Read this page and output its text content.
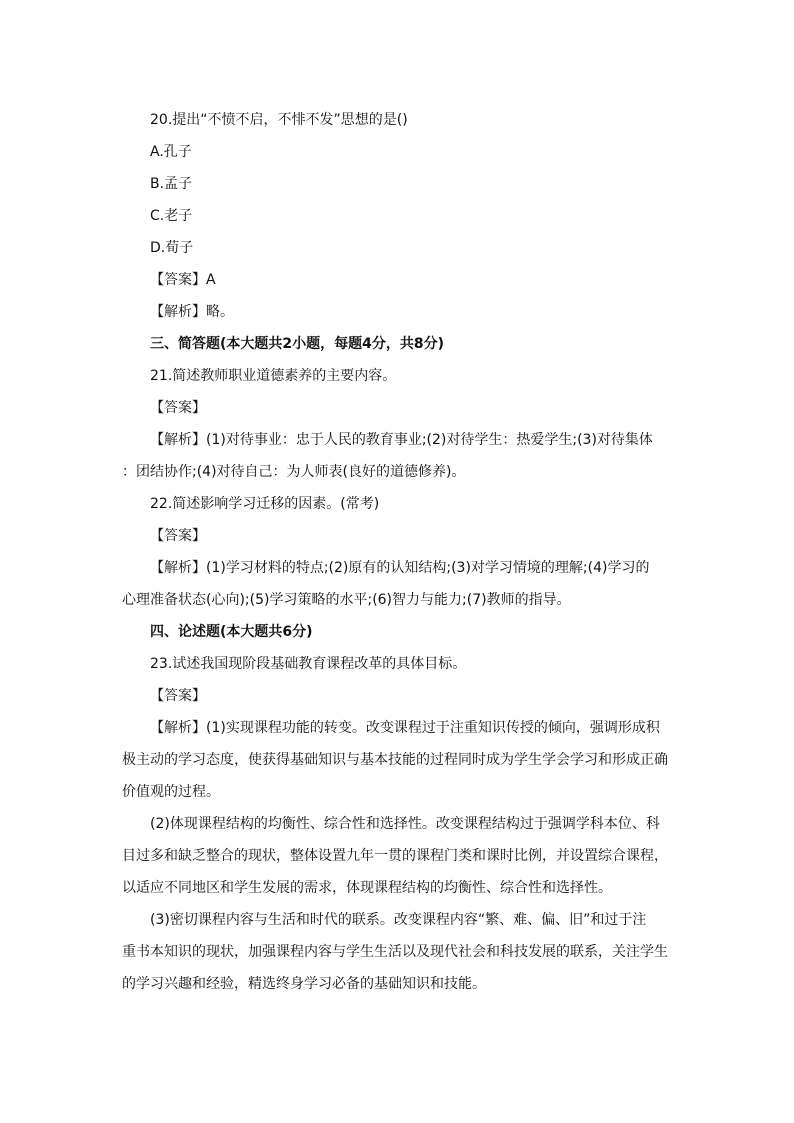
20.提出“不愤不启，不悱不发”思想的是()
A.孔子
B.孟子
C.老子
D.荀子
【答案】A
【解析】略。
三、简答题(本大题共2小题，每题4分，共8分)
21.简述教师职业道德素养的主要内容。
【答案】
【解析】(1)对待事业：忠于人民的教育事业;(2)对待学生：热爱学生;(3)对待集体
：团结协作;(4)对待自己：为人师表(良好的道德修养)。
22.简述影响学习迁移的因素。(常考)
【答案】
【解析】(1)学习材料的特点;(2)原有的认知结构;(3)对学习情境的理解;(4)学习的
心理准备状态(心向);(5)学习策略的水平;(6)智力与能力;(7)教师的指导。
四、论述题(本大题共6分)
23.试述我国现阶段基础教育课程改革的具体目标。
【答案】
【解析】(1)实现课程功能的转变。改变课程过于注重知识传授的倾向，强调形成积
极主动的学习态度，使获得基础知识与基本技能的过程同时成为学生学会学习和形成正确
价值观的过程。
(2)体现课程结构的均衡性、综合性和选择性。改变课程结构过于强调学科本位、科
目过多和缺乏整合的现状，整体设置九年一贯的课程门类和课时比例，并设置综合课程，
以适应不同地区和学生发展的需求，体现课程结构的均衡性、综合性和选择性。
(3)密切课程内容与生活和时代的联系。改变课程内容“繁、难、偏、旧”和过于注
重书本知识的现状，加强课程内容与学生生活以及现代社会和科技发展的联系，关注学生
的学习兴趣和经验，精选终身学习必备的基础知识和技能。
